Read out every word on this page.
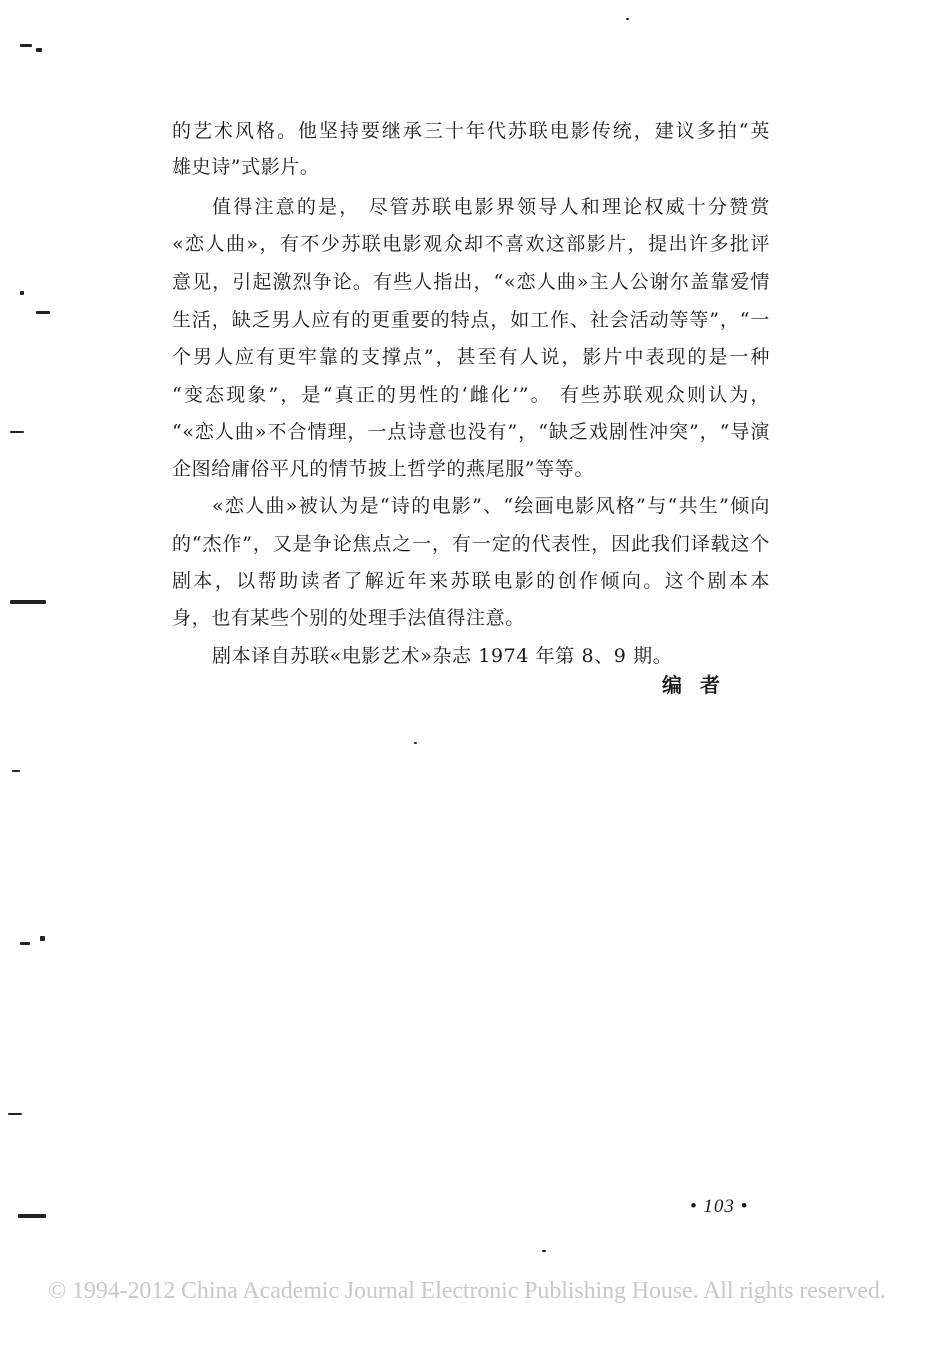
的艺术风格。他坚持要继承三十年代苏联电影传统，建议多拍“英
雄史诗”式影片。
值得注意的是， 尽管苏联电影界领导人和理论权威十分赞赏
«恋人曲»，有不少苏联电影观众却不喜欢这部影片，提出许多批评
意见，引起激烈争论。有些人指出，“«恋人曲»主人公谢尔盖靠爱情
生活，缺乏男人应有的更重要的特点，如工作、社会活动等等”，“一
个男人应有更牢靠的支撑点”，甚至有人说，影片中表现的是一种
“变态现象”，是“真正的男性的‘雌化’”。 有些苏联观众则认为，
“«恋人曲»不合情理，一点诗意也没有”，“缺乏戏剧性冲突”，“导演
企图给庸俗平凡的情节披上哲学的燕尾服”等等。
«恋人曲»被认为是“诗的电影”、“绘画电影风格”与“共生”倾向
的“杰作”，又是争论焦点之一，有一定的代表性，因此我们译载这个
剧本，以帮助读者了解近年来苏联电影的创作倾向。这个剧本本
身，也有某些个别的处理手法值得注意。
剧本译自苏联«电影艺术»杂志 1974 年第 8、9 期。
编者
• 103 •
© 1994-2012 China Academic Journal Electronic Publishing House. All rights reserved.
